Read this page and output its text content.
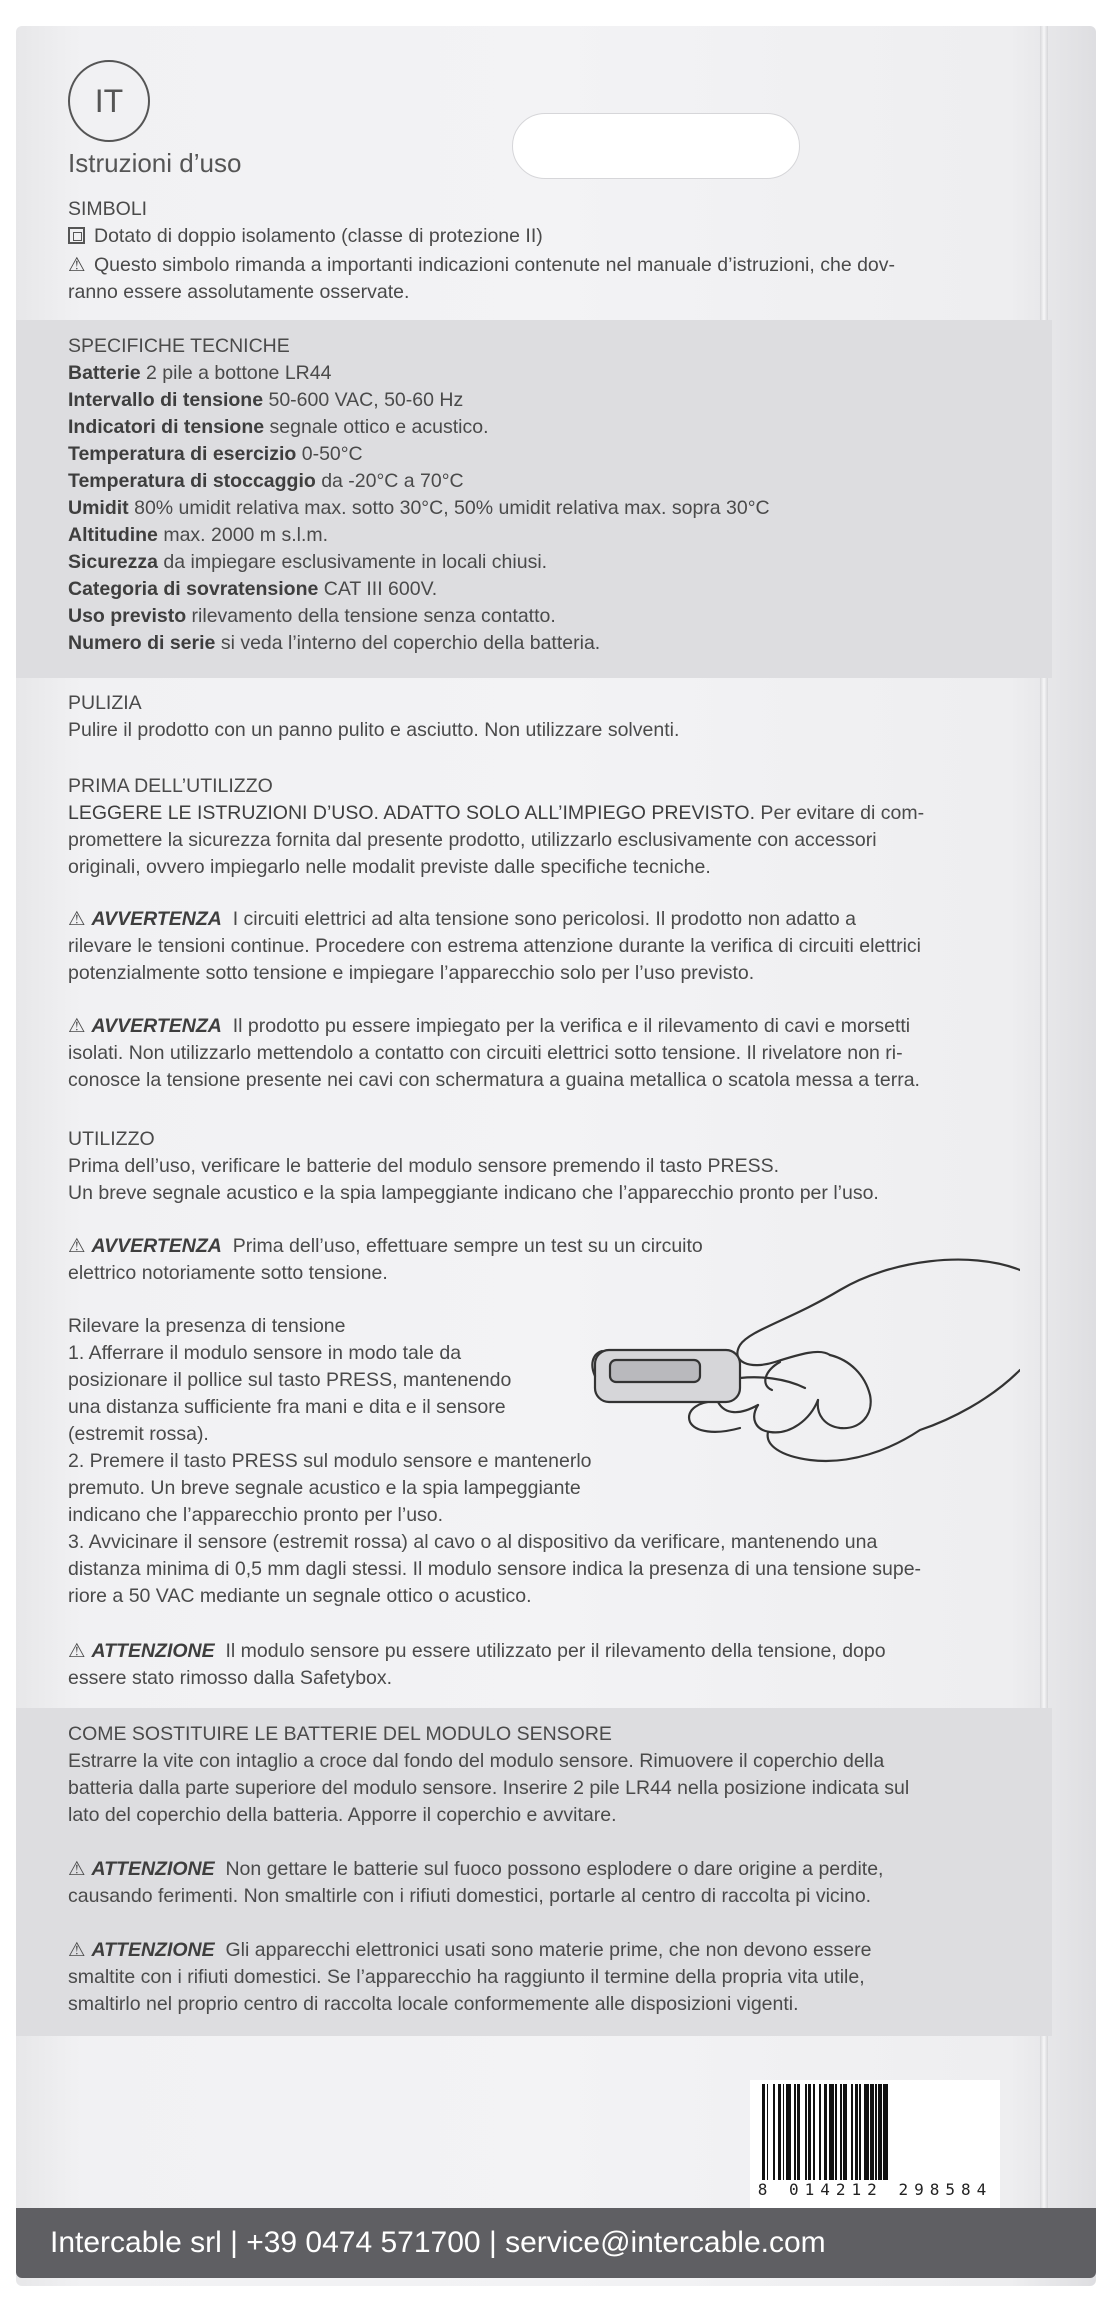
IT
Istruzioni d’uso
SIMBOLI
Dotato di doppio isolamento (classe di protezione II)
⚠ Questo simbolo rimanda a importanti indicazioni contenute nel manuale d’istruzioni, che dov-
ranno essere assolutamente osservate.
SPECIFICHE TECNICHE
Batterie 2 pile a bottone LR44
Intervallo di tensione 50-600 VAC, 50-60 Hz
Indicatori di tensione segnale ottico e acustico.
Temperatura di esercizio 0-50°C
Temperatura di stoccaggio da -20°C a 70°C
Umidit 80% umidit relativa max. sotto 30°C, 50% umidit relativa max. sopra 30°C
Altitudine max. 2000 m s.l.m.
Sicurezza da impiegare esclusivamente in locali chiusi.
Categoria di sovratensione CAT III 600V.
Uso previsto rilevamento della tensione senza contatto.
Numero di serie si veda l’interno del coperchio della batteria.
PULIZIA
Pulire il prodotto con un panno pulito e asciutto. Non utilizzare solventi.
PRIMA DELL’UTILIZZO
LEGGERE LE ISTRUZIONI D’USO. ADATTO SOLO ALL’IMPIEGO PREVISTO. Per evitare di com-
promettere la sicurezza fornita dal presente prodotto, utilizzarlo esclusivamente con accessori
originali, ovvero impiegarlo nelle modalit previste dalle specifiche tecniche.
⚠ AVVERTENZA I circuiti elettrici ad alta tensione sono pericolosi. Il prodotto non adatto a
rilevare le tensioni continue. Procedere con estrema attenzione durante la verifica di circuiti elettrici
potenzialmente sotto tensione e impiegare l’apparecchio solo per l’uso previsto.
⚠ AVVERTENZA Il prodotto pu essere impiegato per la verifica e il rilevamento di cavi e morsetti
isolati. Non utilizzarlo mettendolo a contatto con circuiti elettrici sotto tensione. Il rivelatore non ri-
conosce la tensione presente nei cavi con schermatura a guaina metallica o scatola messa a terra.
UTILIZZO
Prima dell’uso, verificare le batterie del modulo sensore premendo il tasto PRESS.
Un breve segnale acustico e la spia lampeggiante indicano che l’apparecchio pronto per l’uso.
⚠ AVVERTENZA Prima dell’uso, effettuare sempre un test su un circuito
elettrico notoriamente sotto tensione.
Rilevare la presenza di tensione
1. Afferrare il modulo sensore in modo tale da
posizionare il pollice sul tasto PRESS, mantenendo
una distanza sufficiente fra mani e dita e il sensore
(estremit rossa).
2. Premere il tasto PRESS sul modulo sensore e mantenerlo
premuto. Un breve segnale acustico e la spia lampeggiante
indicano che l’apparecchio pronto per l’uso.
3. Avvicinare il sensore (estremit rossa) al cavo o al dispositivo da verificare, mantenendo una
distanza minima di 0,5 mm dagli stessi. Il modulo sensore indica la presenza di una tensione supe-
riore a 50 VAC mediante un segnale ottico o acustico.
⚠ ATTENZIONE Il modulo sensore pu essere utilizzato per il rilevamento della tensione, dopo
essere stato rimosso dalla Safetybox.
COME SOSTITUIRE LE BATTERIE DEL MODULO SENSORE
Estrarre la vite con intaglio a croce dal fondo del modulo sensore. Rimuovere il coperchio della
batteria dalla parte superiore del modulo sensore. Inserire 2 pile LR44 nella posizione indicata sul
lato del coperchio della batteria. Apporre il coperchio e avvitare.
⚠ ATTENZIONE Non gettare le batterie sul fuoco possono esplodere o dare origine a perdite,
causando ferimenti. Non smaltirle con i rifiuti domestici, portarle al centro di raccolta pi vicino.
⚠ ATTENZIONE Gli apparecchi elettronici usati sono materie prime, che non devono essere
smaltite con i rifiuti domestici. Se l’apparecchio ha raggiunto il termine della propria vita utile,
smaltirlo nel proprio centro di raccolta locale conformemente alle disposizioni vigenti.
8 014212 298584
Intercable srl | +39 0474 571700 | service@intercable.com
